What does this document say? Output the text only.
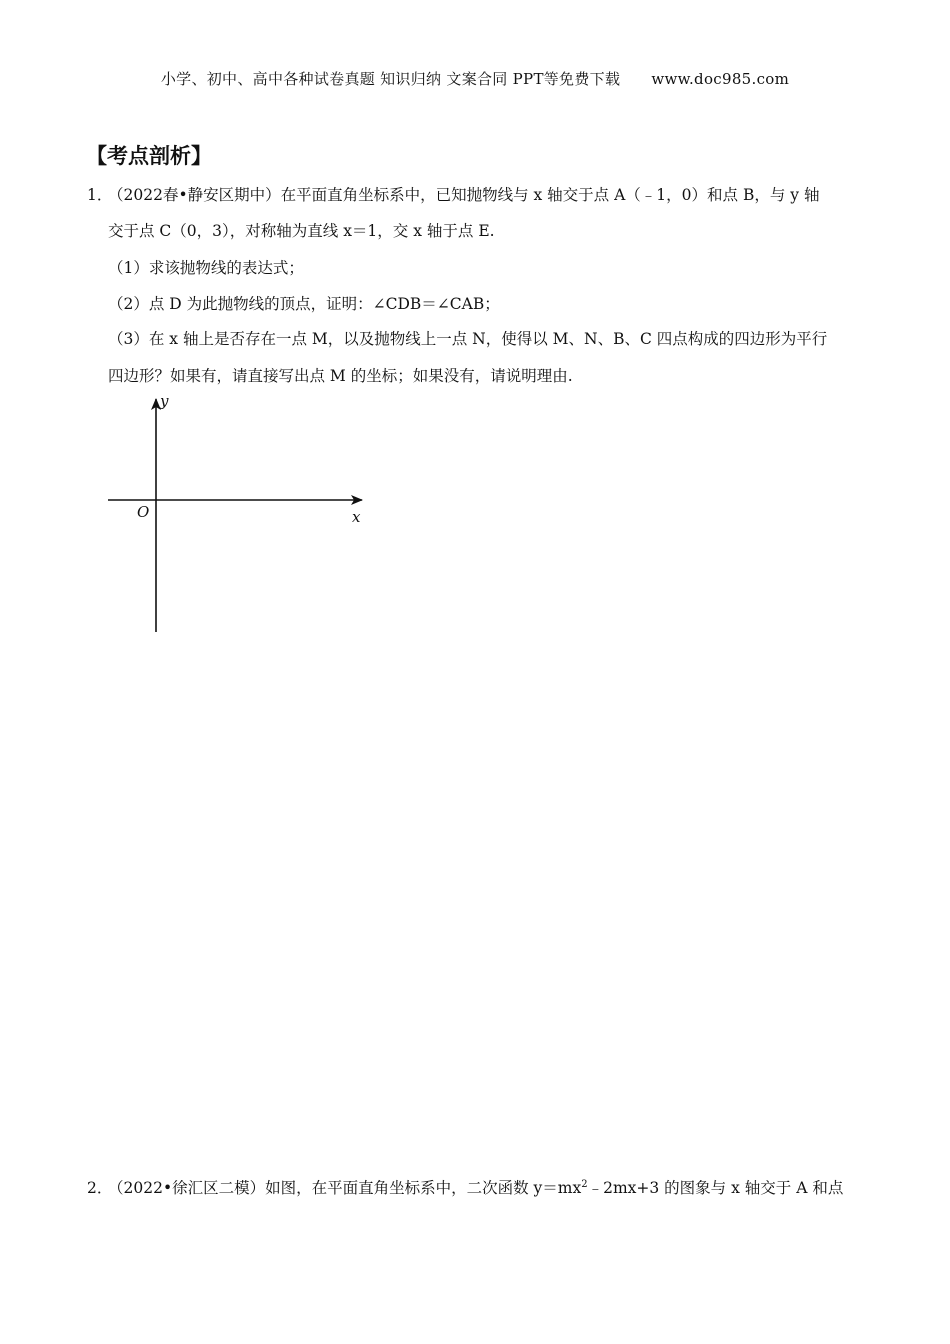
小学、初中、高中各种试卷真题 知识归纳 文案合同 PPT等免费下载 www.doc985.com
【考点剖析】
1．
（2022春•静安区期中）在平面直角坐标系中，已知抛物线与 x 轴交于点 A（﹣1，0）和点 B，与 y 轴
交于点 C（0，3），对称轴为直线 x＝1，交 x 轴于点 E.
（1）求该抛物线的表达式；
（2）点 D 为此抛物线的顶点，证明：∠CDB＝∠CAB；
（3）在 x 轴上是否存在一点 M，以及抛物线上一点 N，使得以 M、N、B、C 四点构成的四边形为平行
四边形？如果有，请直接写出点 M 的坐标；如果没有，请说明理由.
y
x
O
2．
（2022•徐汇区二模）如图，在平面直角坐标系中，二次函数 $y=mx^2﹣2mx+3$ 的图象与 x 轴交于 A 和点
